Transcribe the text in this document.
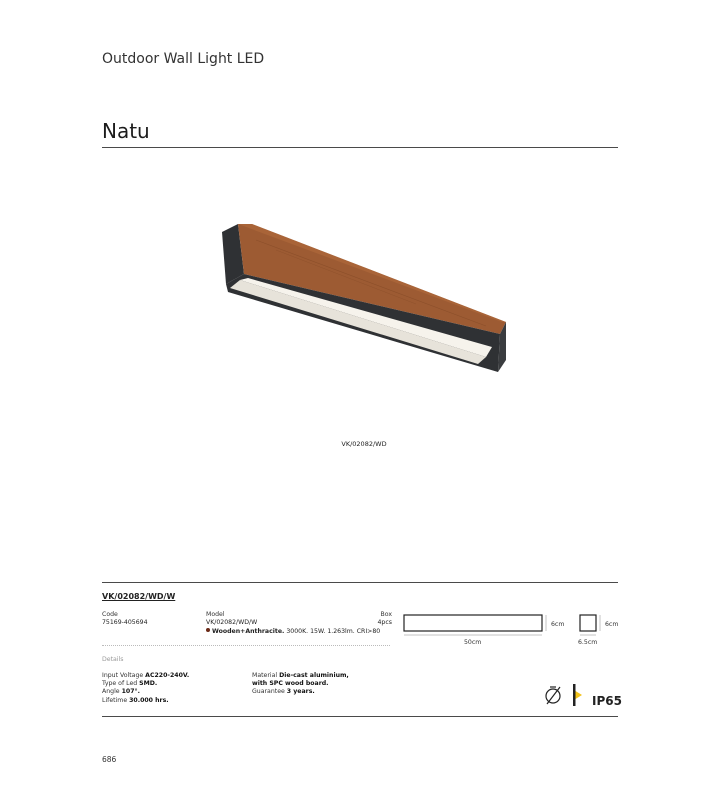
Outdoor Wall Light LED
Natu
VK/02082/WD
VK/02082/WD/W
Code
75169-405694
Model
VK/02082/WD/W
Wooden+Anthracite. 3000K. 15W. 1.263lm. CRI>80
Box
4pcs	6cm
50cm
6cm
6.5cm
Details
Input Voltage AC220-240V.
Type of Led SMD.
Angle 107°.
Lifetime 30.000 hrs.
Material Die-cast aluminium,
with SPC wood board.
Guarantee 3 years.
IP65
686
